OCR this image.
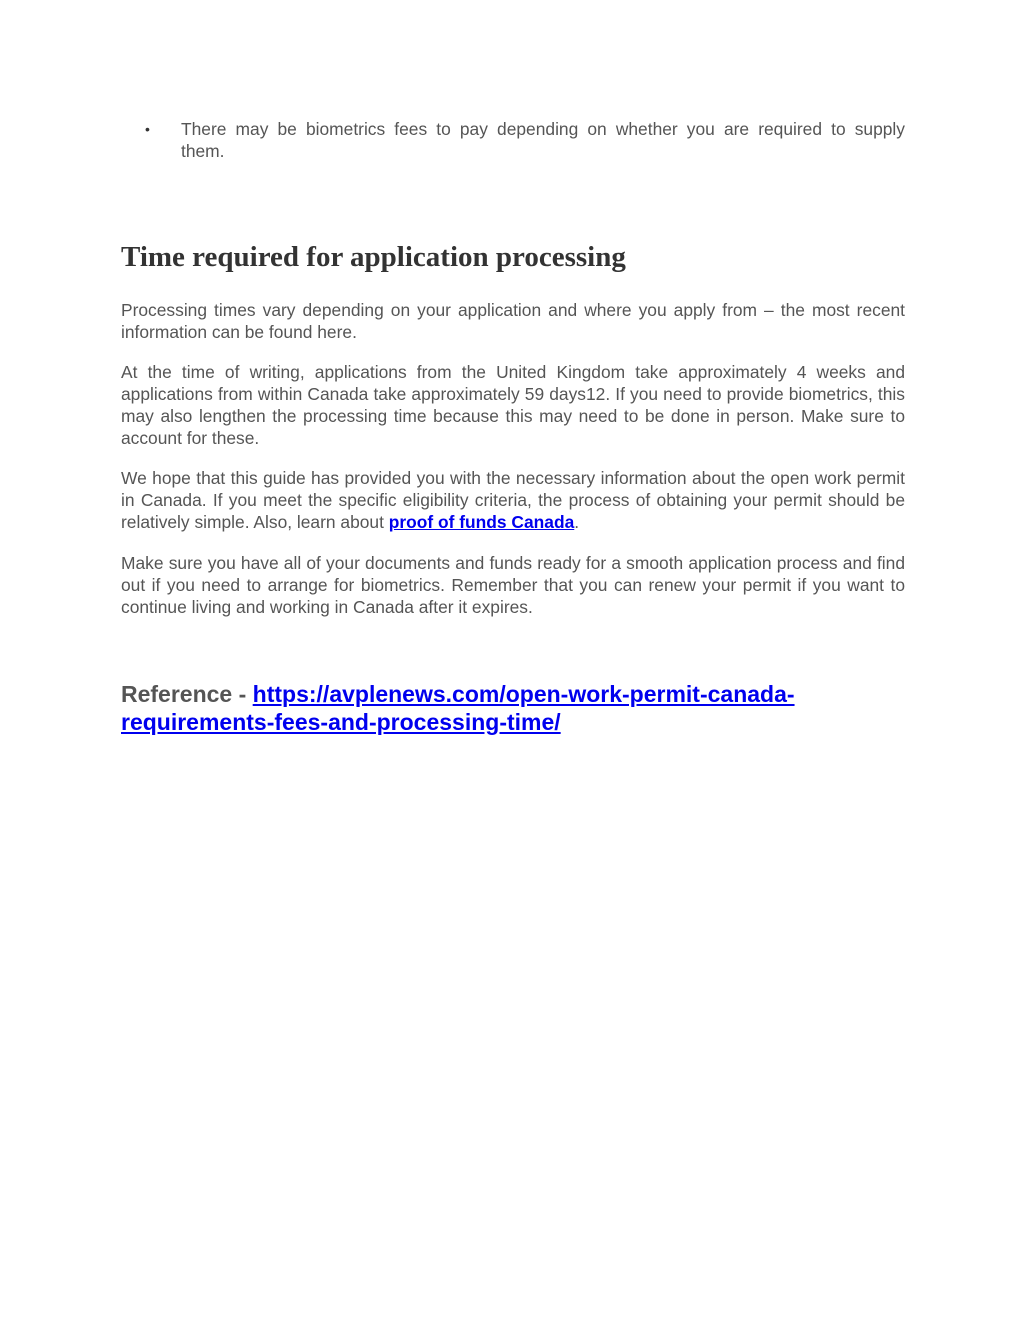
• There may be biometrics fees to pay depending on whether you are required to supply them.
Time required for application processing

Processing times vary depending on your application and where you apply from – the most recent information can be found here.

At the time of writing, applications from the United Kingdom take approximately 4 weeks and applications from within Canada take approximately 59 days12. If you need to provide biometrics, this may also lengthen the processing time because this may need to be done in person. Make sure to account for these.

We hope that this guide has provided you with the necessary information about the open work permit in Canada. If you meet the specific eligibility criteria, the process of obtaining your permit should be relatively simple. Also, learn about proof of funds Canada.

Make sure you have all of your documents and funds ready for a smooth application process and find out if you need to arrange for biometrics. Remember that you can renew your permit if you want to continue living and working in Canada after it expires.

Reference - https://avplenews.com/open-work-permit-canada-requirements-fees-and-processing-time/
